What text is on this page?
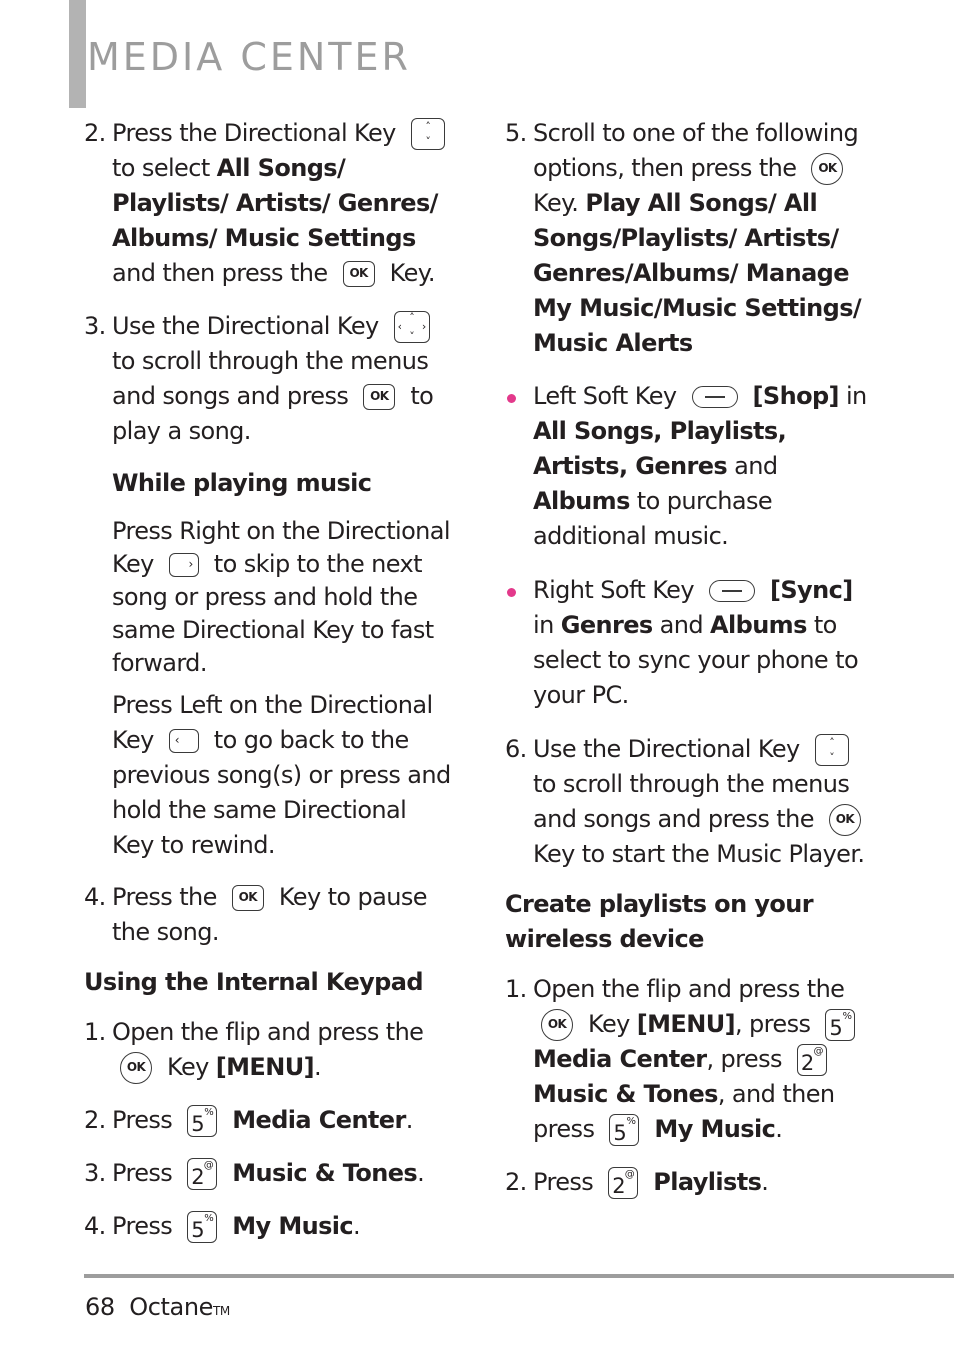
MEDIA CENTER
2. Press the Directional Key	˄
˅
to select All Songs/ Playlists/ Artists/ Genres/ Albums/ Music Settings and then press the OK Key.
3. Use the Directional Key	˄
‹ ›
˅
to scroll through the menus and songs and press OK to play a song.
While playing music
Press Right on the Directional Key	› to skip to the next song or press and hold the same Directional Key to fast forward.
Press Left on the Directional Key ‹ to go back to the previous song(s) or press and hold the same Directional Key to rewind.
4. Press the OK Key to pause the song.
Using the Internal Keypad
1. Open the flip and press the OK Key [MENU].
2. Press 5 % Media Center.
3. Press 2 @ Music & Tones.
4. Press 5 % My Music.
5. Scroll to one of the following options, then press the OK Key. Play All Songs/ All Songs/Playlists/ Artists/ Genres/Albums/ Manage My Music/Music Settings/ Music Alerts
Left Soft Key	[Shop] in All Songs, Playlists, Artists, Genres and Albums to purchase additional music.
Right Soft Key	[Sync] in Genres and Albums to select to sync your phone to your PC.
6. Use the Directional Key	˄
˅
to scroll through the menus and songs and press the OK Key to start the Music Player.
Create playlists on your wireless device
1. Open the flip and press the OK Key [MENU], press 5 %
Media Center, press 2 @
Music & Tones, and then press 5 % My Music.
2. Press 2 @ Playlists.
68 Octane™
